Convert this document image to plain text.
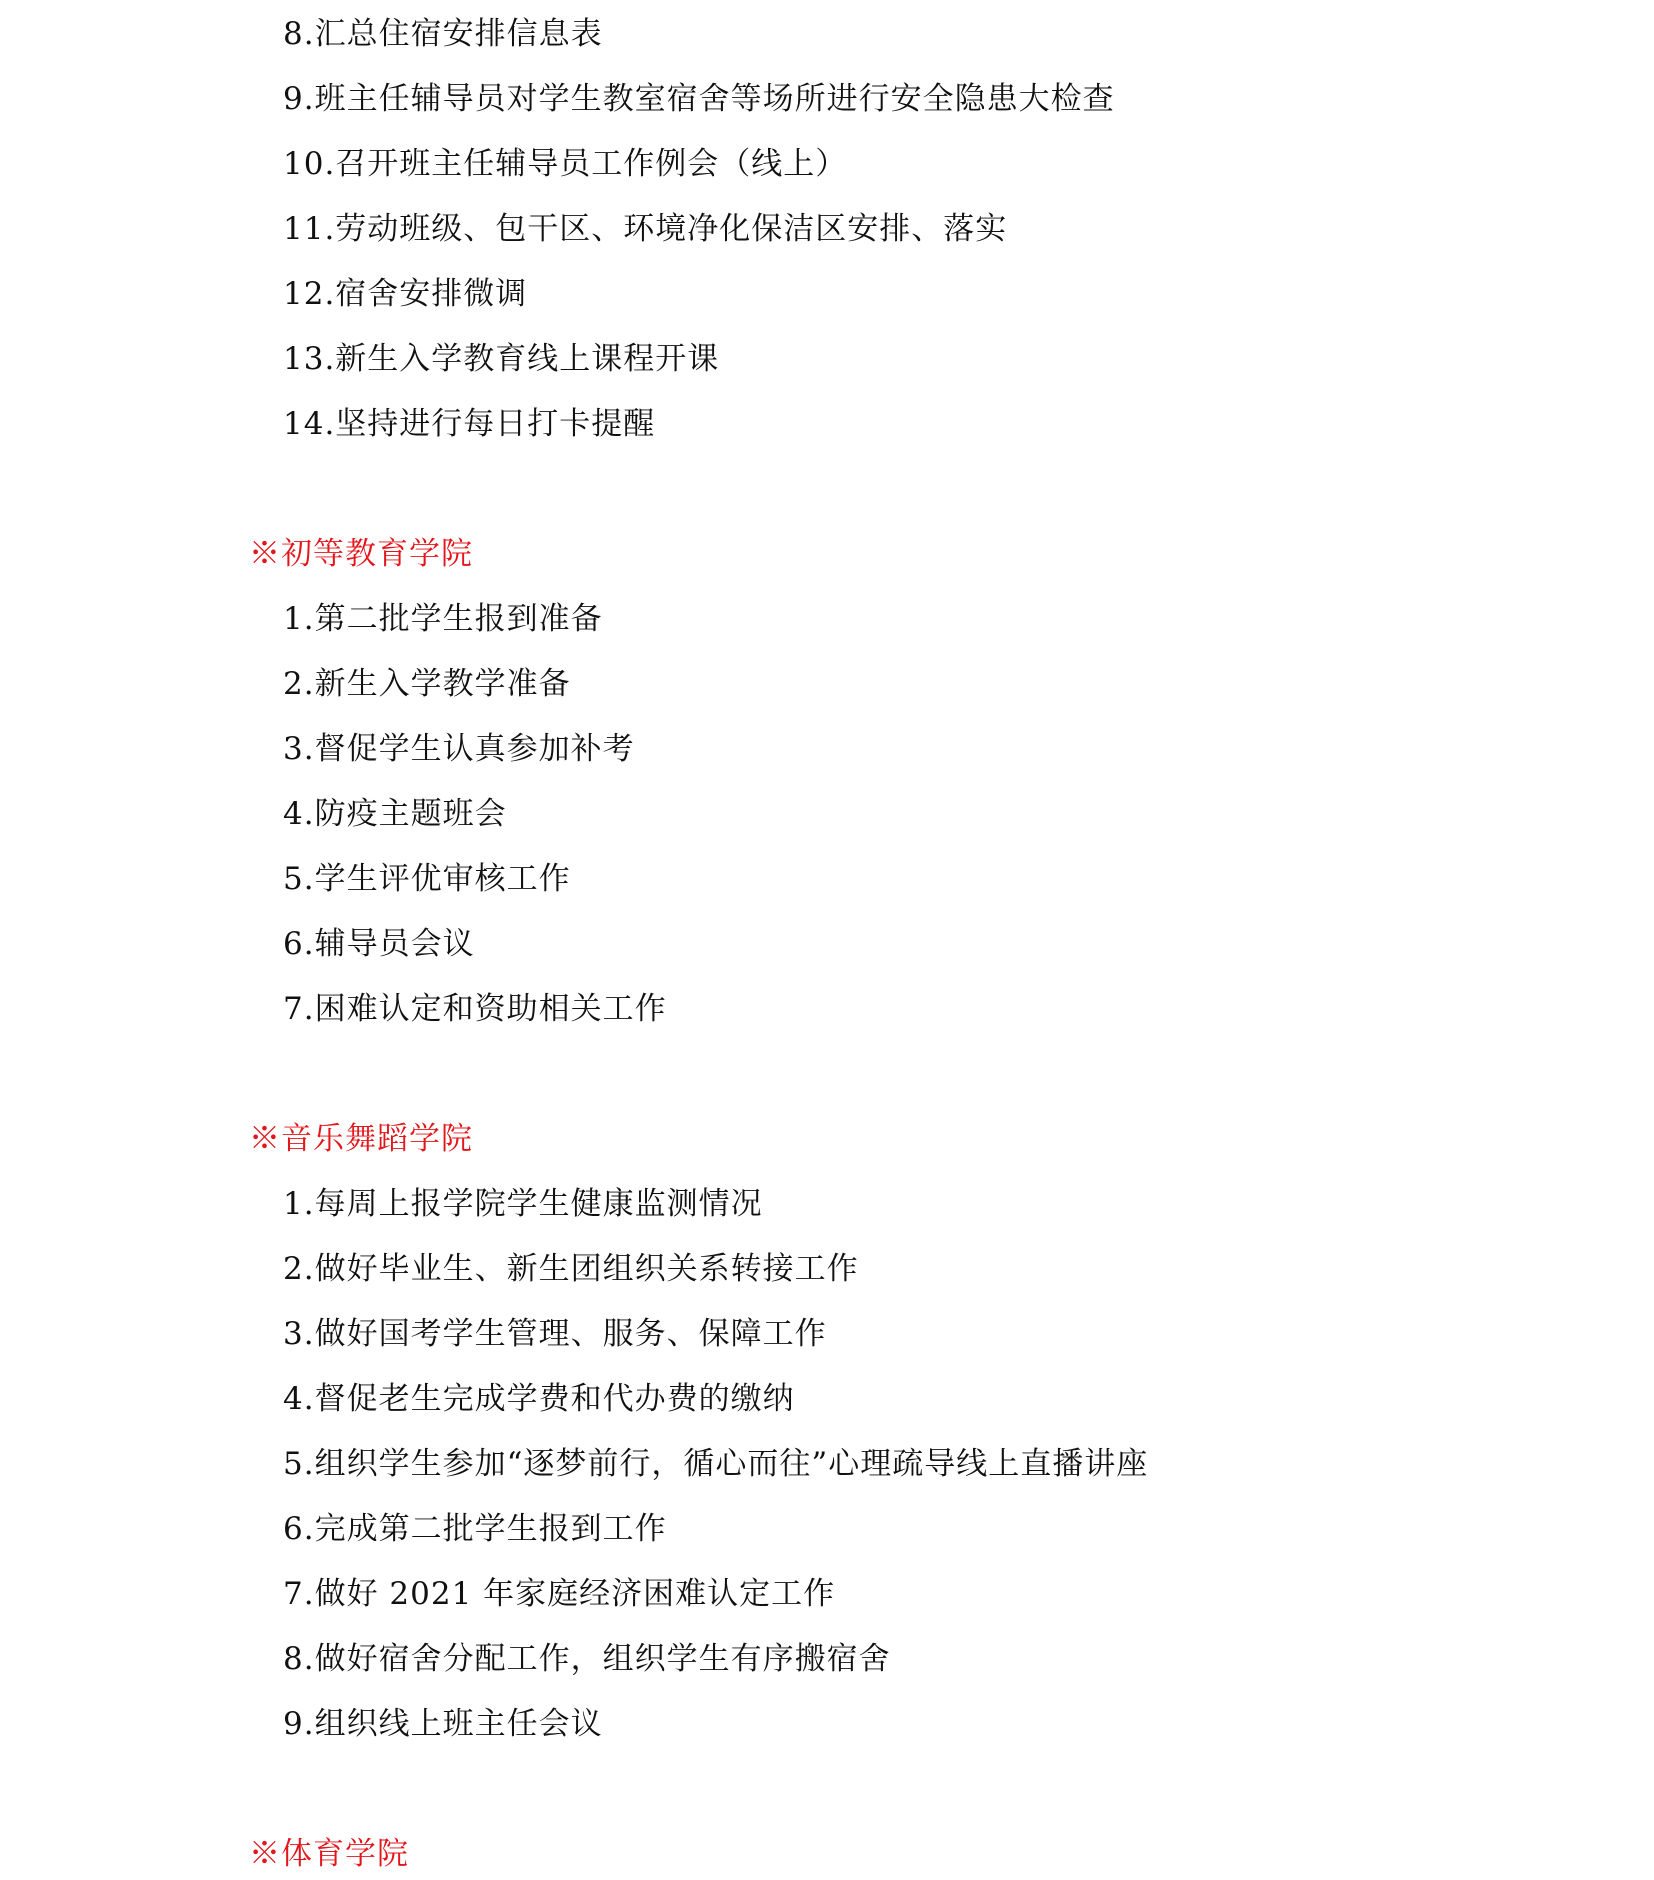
8.汇总住宿安排信息表
9.班主任辅导员对学生教室宿舍等场所进行安全隐患大检查
10.召开班主任辅导员工作例会（线上）
11.劳动班级、包干区、环境净化保洁区安排、落实
12.宿舍安排微调
13.新生入学教育线上课程开课
14.坚持进行每日打卡提醒
※初等教育学院
1.第二批学生报到准备
2.新生入学教学准备
3.督促学生认真参加补考
4.防疫主题班会
5.学生评优审核工作
6.辅导员会议
7.困难认定和资助相关工作
※音乐舞蹈学院
1.每周上报学院学生健康监测情况
2.做好毕业生、新生团组织关系转接工作
3.做好国考学生管理、服务、保障工作
4.督促老生完成学费和代办费的缴纳
5.组织学生参加“逐梦前行，循心而往”心理疏导线上直播讲座
6.完成第二批学生报到工作
7.做好 2021 年家庭经济困难认定工作
8.做好宿舍分配工作，组织学生有序搬宿舍
9.组织线上班主任会议
※体育学院
